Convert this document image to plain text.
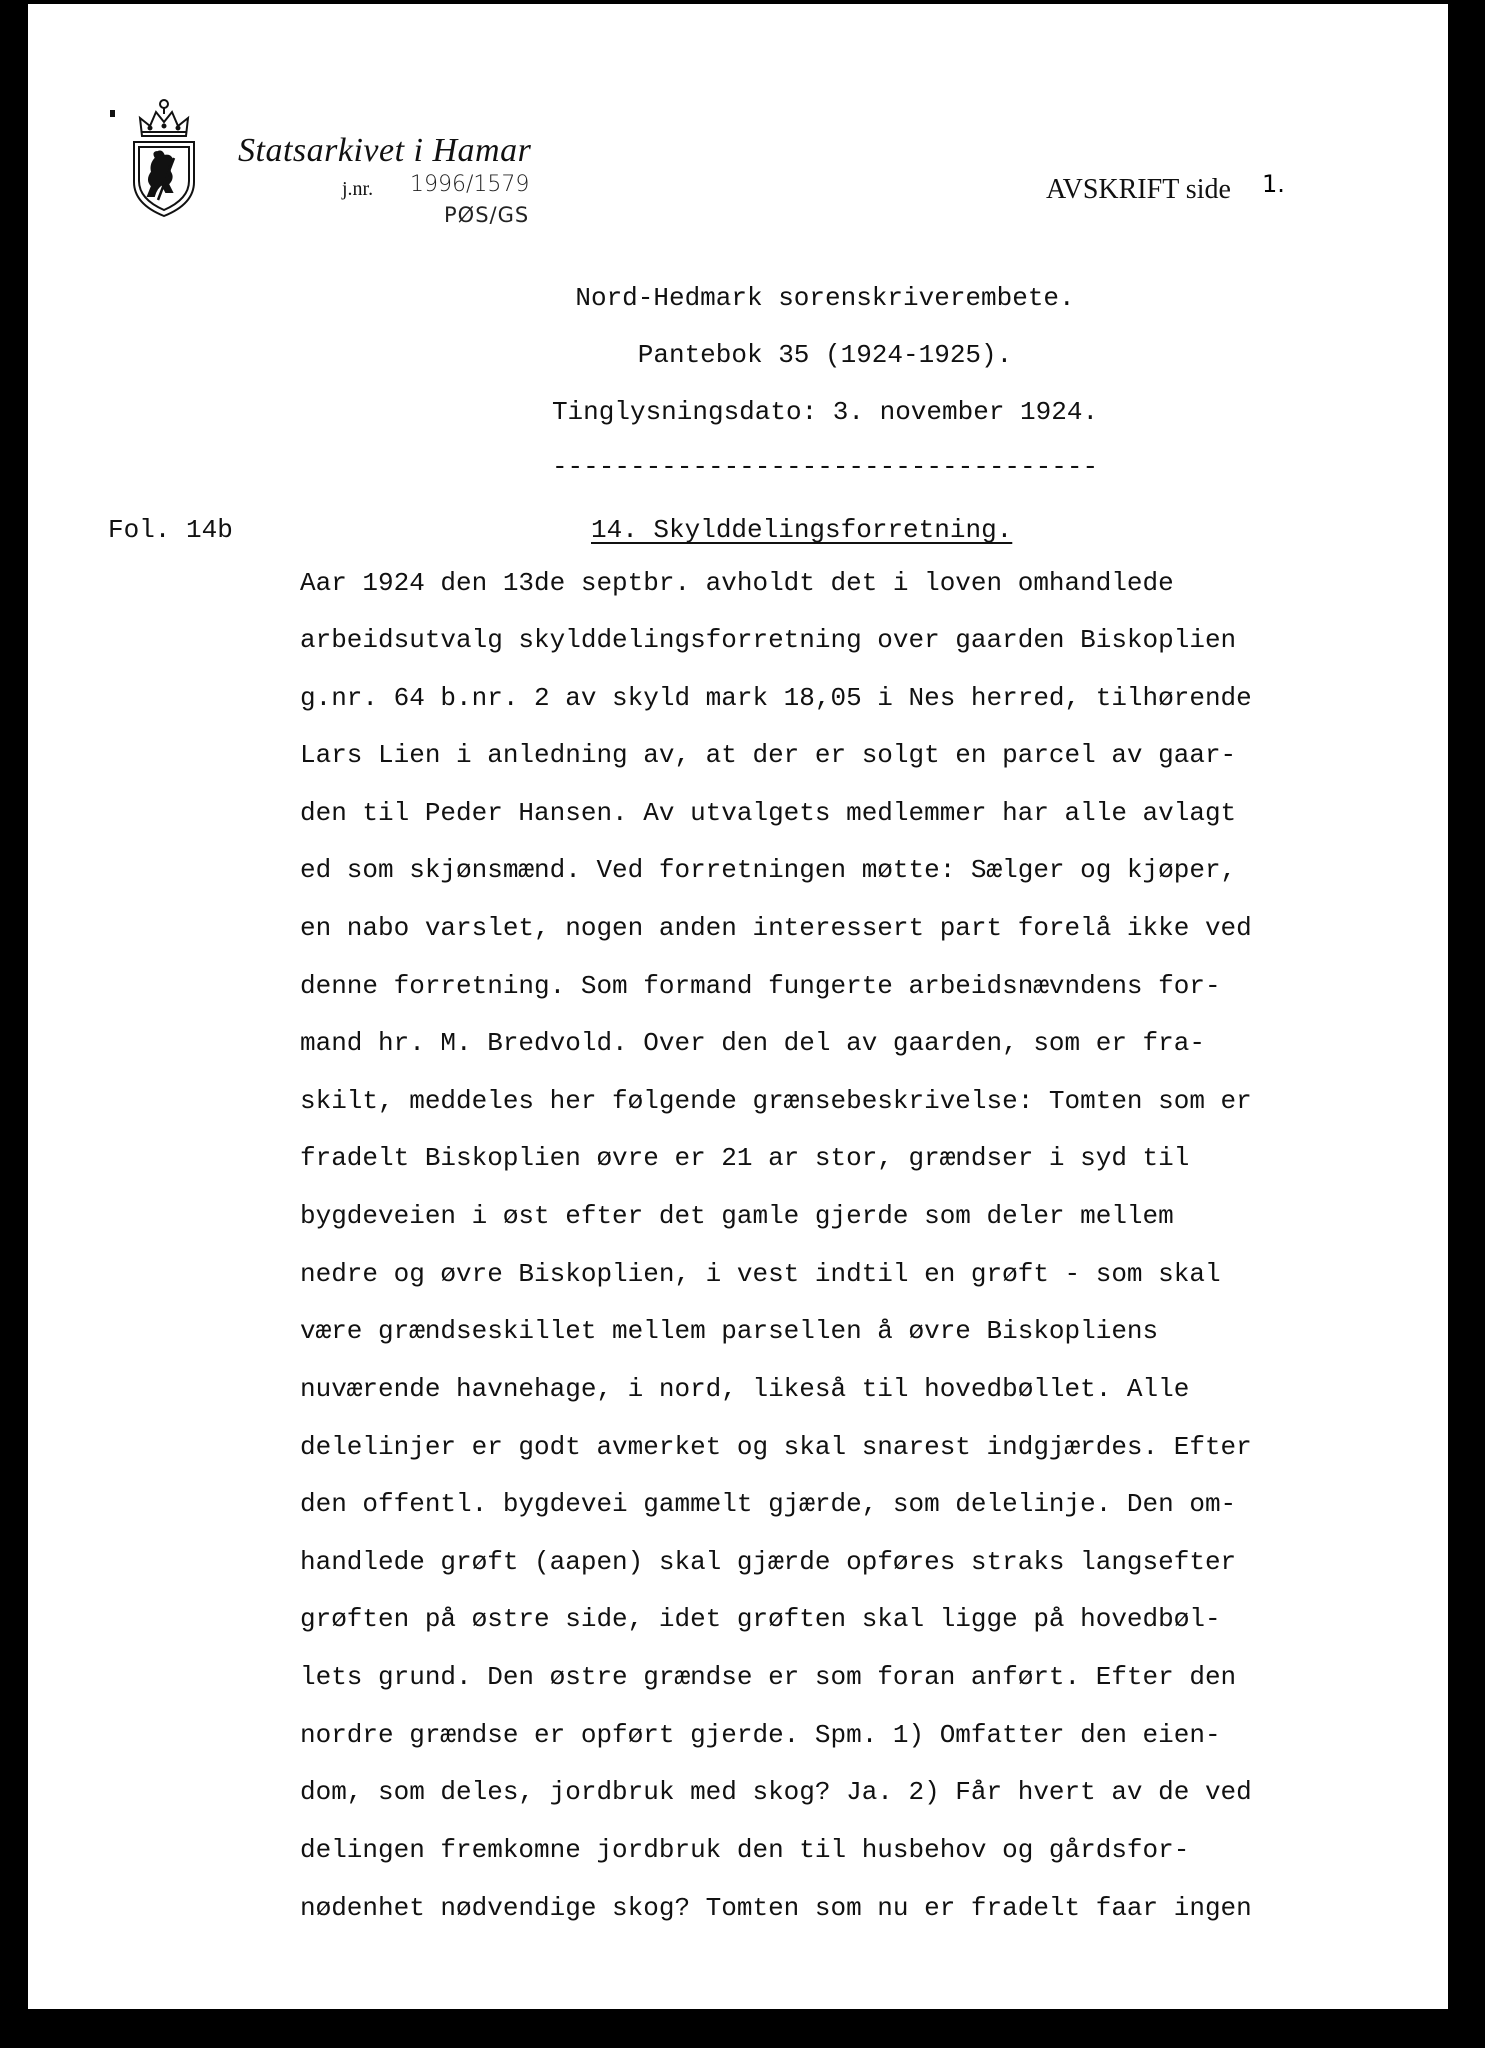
Statsarkivet i Hamar
j.nr. 1996/1579
PØS/GS
AVSKRIFT side 1.
Nord-Hedmark sorenskriverembete.
Pantebok 35 (1924-1925).
Tinglysningsdato: 3. november 1924.
-----------------------------------
Fol. 14b	14. Skylddelingsforretning.
Aar 1924 den 13de septbr. avholdt det i loven omhandlede
arbeidsutvalg skylddelingsforretning over gaarden Biskoplien
g.nr. 64 b.nr. 2 av skyld mark 18,05 i Nes herred, tilhørende
Lars Lien i anledning av, at der er solgt en parcel av gaar-
den til Peder Hansen. Av utvalgets medlemmer har alle avlagt
ed som skjønsmænd. Ved forretningen møtte: Sælger og kjøper,
en nabo varslet, nogen anden interessert part forelå ikke ved
denne forretning. Som formand fungerte arbeidsnævndens for-
mand hr. M. Bredvold. Over den del av gaarden, som er fra-
skilt, meddeles her følgende grænsebeskrivelse: Tomten som er
fradelt Biskoplien øvre er 21 ar stor, grændser i syd til
bygdeveien i øst efter det gamle gjerde som deler mellem
nedre og øvre Biskoplien, i vest indtil en grøft - som skal
være grændseskillet mellem parsellen å øvre Biskopliens
nuværende havnehage, i nord, likeså til hovedbøllet. Alle
delelinjer er godt avmerket og skal snarest indgjærdes. Efter
den offentl. bygdevei gammelt gjærde, som delelinje. Den om-
handlede grøft (aapen) skal gjærde opføres straks langsefter
grøften på østre side, idet grøften skal ligge på hovedbøl-
lets grund. Den østre grændse er som foran anført. Efter den
nordre grændse er opført gjerde. Spm. 1) Omfatter den eien-
dom, som deles, jordbruk med skog? Ja. 2) Får hvert av de ved
delingen fremkomne jordbruk den til husbehov og gårdsfor-
nødenhet nødvendige skog? Tomten som nu er fradelt faar ingen
